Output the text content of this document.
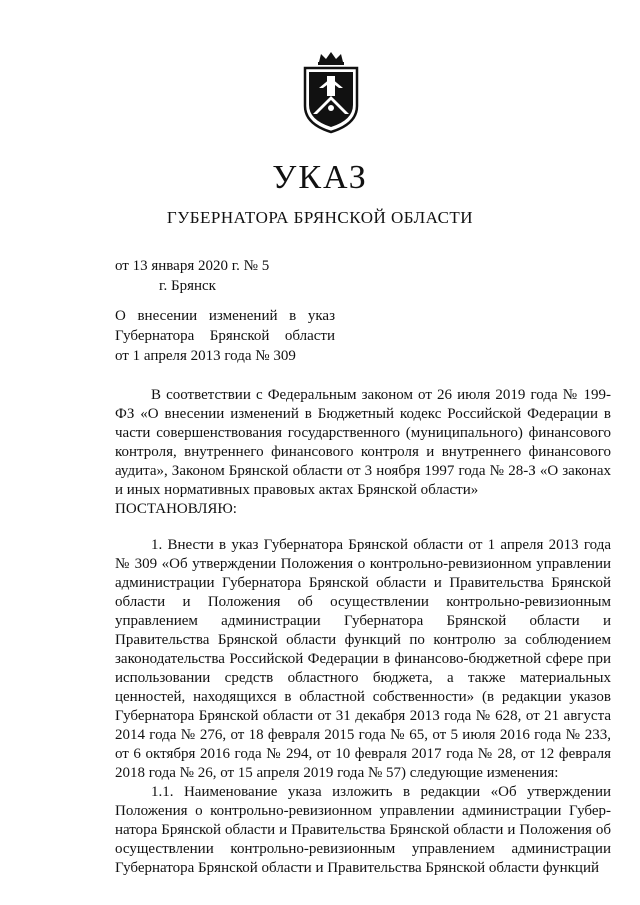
УКАЗ
ГУБЕРНАТОРА БРЯНСКОЙ ОБЛАСТИ
от 13 января 2020 г. № 5
г. Брянск
О внесении изменений в указ
Губернатора Брянской области
от 1 апреля 2013 года № 309

В соответствии с Федеральным законом от 26 июля 2019 года № 199-ФЗ «О внесении изменений в Бюджетный кодекс Российской Федерации в части совершенствования государственного (муниципального) финансового контроля, внутреннего финансового контроля и внутреннего финансового аудита», Законом Брянской области от 3 ноября 1997 года № 28-З «О законах и иных нормативных правовых актах Брянской области»

ПОСТАНОВЛЯЮ:

1. Внести в указ Губернатора Брянской области от 1 апреля 2013 года № 309 «Об утверждении Положения о контрольно-ревизионном управлении администрации Губернатора Брянской области и Правительства Брянской области и Положения об осуществлении контрольно-ревизионным управлением администрации Губернатора Брянской области и Правительства Брянской области функций по контролю за соблюдением законодательства Российской Федерации в финансово-бюджетной сфере при использовании средств областного бюджета, а также материальных ценностей, находящихся в областной собственности» (в редакции указов Губернатора Брянской области от 31 декабря 2013 года № 628, от 21 августа 2014 года № 276, от 18 февраля 2015 года № 65, от 5 июля 2016 года № 233, от 6 октября 2016 года № 294, от 10 февраля 2017 года № 28, от 12 февраля 2018 года № 26, от 15 апреля 2019 года № 57) следующие изменения:

1.1. Наименование указа изложить в редакции «Об утверждении Положения о контрольно-ревизионном управлении администрации Губер-натора Брянской области и Правительства Брянской области и Положения об осуществлении контрольно-ревизионным управлением администрации Губернатора Брянской области и Правительства Брянской области функций
